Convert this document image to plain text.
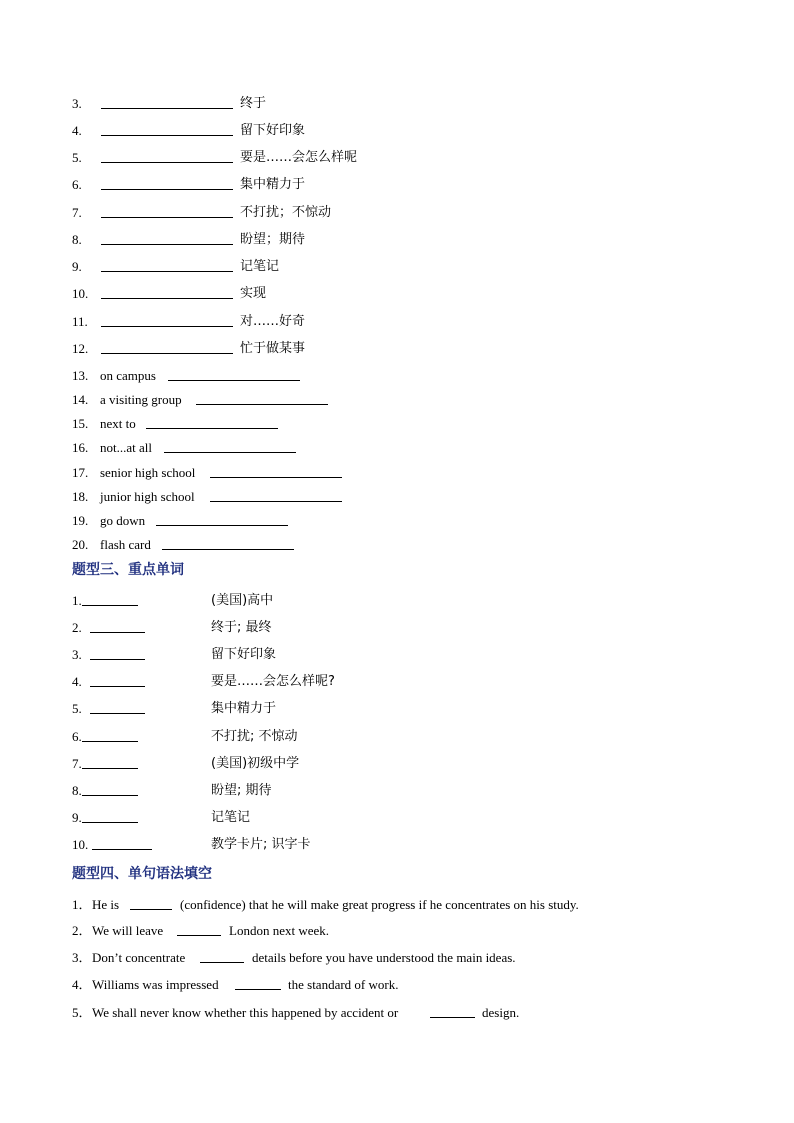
3.	终于
4.	留下好印象
5.	要是……会怎么样呢
6.	集中精力于
7.	不打扰；不惊动
8.	盼望；期待
9.	记笔记
10.	实现
11.	对……好奇
12.	忙于做某事
13. on campus
14. a visiting group
15. next to
16. not...at all
17. senior high school
18. junior high school
19. go down
20. flash card
题型三、重点单词
1.	(美国)高中
2.	终于; 最终
3.	留下好印象
4.	要是……会怎么样呢?
5.	集中精力于
6.	不打扰; 不惊动
7.	(美国)初级中学
8.	盼望; 期待
9.	记笔记
10.	教学卡片; 识字卡
题型四、单句语法填空
1． He is	(confidence) that he will make great progress if he concentrates on his study.
2． We will leave	London next week.
3． Don’t concentrate	details before you have understood the main ideas.
4． Williams was impressed	the standard of work.
5． We shall never know whether this happened by accident or	design.
